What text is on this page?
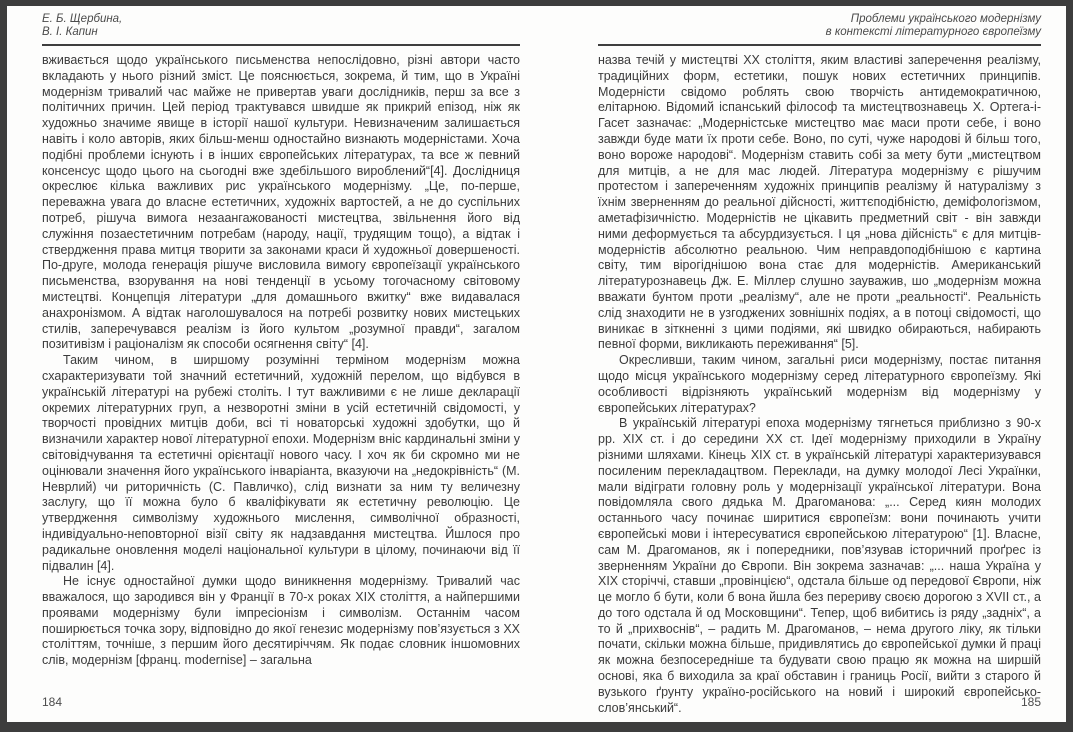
Е. Б. Щербина,
В. І. Капин

вживається щодо українського письменства непослідовно, різні автори часто вкладають у нього різний зміст. Це пояснюється, зокрема, й тим, що в Україні модернізм тривалий час майже не привертав уваги дослідників, перш за все з політичних причин. Цей період трактувався швидше як прикрий епізод, ніж як художньо значиме явище в історії нашої культури. Невизначеним залишається навіть і коло авторів, яких більш-менш одностайно визнають модерністами. Хоча подібні проблеми існують і в інших європейських літературах, та все ж певний консенсус щодо цього на сьогодні вже здебільшого вироблений“[4]. Дослідниця окреслює кілька важливих рис українського модернізму. „Це, по-перше, переважна увага до власне естетичних, художніх вартостей, а не до суспільних потреб, рішуча вимога незаангажованості мистецтва, звільнення його від служіння позаестетичним потребам (народу, нації, трудящим тощо), а відтак і ствердження права митця творити за законами краси й художньої довершеності. По-друге, молода генерація рішуче висловила вимогу європеїзації українського письменства, взорування на нові тенденції в усьому тогочасному світовому мистецтві. Концепція літератури „для домашнього вжитку“ вже видавалася анахронізмом. А відтак наголошувалося на потребі розвитку нових мистецьких стилів, заперечувався реалізм із його культом „розумної правди“, загалом позитивізм і раціоналізм як способи осягнення світу“ [4].

Таким чином, в ширшому розумінні терміном модернізм можна схарактеризувати той значний естетичний, художній перелом, що відбувся в українській літературі на рубежі століть. І тут важливими є не лише декларації окремих літературних груп, а незворотні зміни в усій естетичній свідомості, у творчості провідних митців доби, всі ті новаторські художні здобутки, що й визначили характер нової літературної епохи. Модернізм вніс кардинальні зміни у світовідчування та естетичні орієнтації нового часу. І хоч як би скромно ми не оцінювали значення його українського інваріанта, вказуючи на „недокрівність“ (М. Неврлий) чи риторичність (С. Павличко), слід визнати за ним ту величезну заслугу, що її можна було б кваліфікувати як естетичну революцію. Це утвердження символізму художнього мислення, символічної образності, індивідуально-неповторної візії світу як надзавдання мистецтва. Йшлося про радикальне оновлення моделі національної культури в цілому, починаючи від її підвалин [4].

Не існує одностайної думки щодо виникнення модернізму. Тривалий час вважалося, що зародився він у Франції в 70-х роках XIX століття, а найпершими проявами модернізму були імпресіонізм і символізм. Останнім часом поширюється точка зору, відповідно до якої генезис модернізму пов’язується з XX століттям, точніше, з першим його десятиріччям. Як подає словник іншомовних слів, модернізм [франц. modernise] – загальна

184
Проблеми українського модернізму
в контексті літературного європеїзму

назва течій у мистецтві XX століття, яким властиві заперечення реалізму, традиційних форм, естетики, пошук нових естетичних принципів. Модерністи свідомо роблять свою творчість антидемократичною, елітарною. Відомий іспанський філософ та мистецтвознавець Х. Ортега-і-Гасет зазначає: „Модерністське мистецтво має маси проти себе, і воно завжди буде мати їх проти себе. Воно, по суті, чуже народові й більш того, воно вороже народові“. Модернізм ставить собі за мету бути „мистецтвом для митців, а не для мас людей. Література модернізму є рішучим протестом і запереченням художніх принципів реалізму й натуралізму з їхнім зверненням до реальної дійсності, життєподібністю, деміфологізмом, аметафізичністю. Модерністів не цікавить предметний світ - він завжди ними деформується та абсурдизується. І ця „нова дійсність“ є для митців-модерністів абсолютно реальною. Чим неправдоподібнішою є картина світу, тим вірогіднішою вона стає для модерністів. Американський літературознавець Дж. Е. Міллер слушно зауважив, шо „модернізм можна вважати бунтом проти „реалізму“, але не проти „реальності“. Реальність слід знаходити не в узгоджених зовнішніх подіях, а в потоці свідомості, що виникає в зіткненні з цими подіями, які швидко обираються, набирають певної форми, викликають переживання“ [5].

Окресливши, таким чином, загальні риси модернізму, постає питання щодо місця українського модернізму серед літературного європеїзму. Які особливості відрізняють український модернізм від модернізму у європейських літературах?

В українській літературі епоха модернізму тягнеться приблизно з 90-х рр. XIX ст. і до середини XX ст. Ідеї модернізму приходили в Україну різними шляхами. Кінець XIX ст. в українській літературі характеризувався посиленим перекладацтвом. Переклади, на думку молодої Лесі Українки, мали відіграти головну роль у модернізації української літератури. Вона повідомляла свого дядька М. Драгоманова: „... Серед киян молодих останнього часу починає ширитися європеїзм: вони починають учити європейські мови і інтересуватися європейською літературою“ [1]. Власне, сам М. Драгоманов, як і попередники, пов’язував історичний проґрес із зверненням України до Європи. Він зокрема зазначав: „... наша Україна у XIX сторіччі, ставши „провінцією“, одстала більше од передової Європи, ніж це могло б бути, коли б вона йшла без перериву своєю дорогою з XVII ст., а до того одстала й од Московщини“. Тепер, щоб вибитись із ряду „задніх“, а то й „прихвоснів“, – радить М. Драгоманов, – нема другого ліку, як тільки почати, скільки можна більше, придивлятись до європейської думки й праці як можна безпосередніше та будувати свою працю як можна на ширшій основі, яка б виходила за краї обставин і границь Росії, вийти з старого й вузького ґрунту україно-російського на новий і широкий європейсько-слов’янський“.	185
